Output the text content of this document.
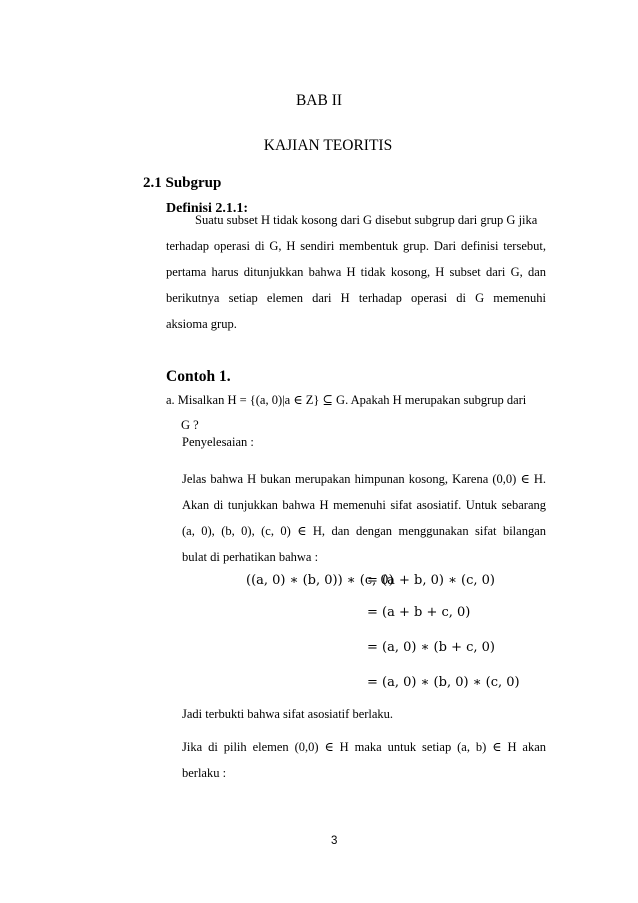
BAB II
KAJIAN TEORITIS
2.1 Subgrup
Definisi 2.1.1:
Suatu subset H tidak kosong dari G disebut subgrup dari grup G jika
terhadap operasi di G, H sendiri membentuk grup. Dari definisi tersebut,
pertama harus ditunjukkan bahwa H tidak kosong, H subset dari G, dan
berikutnya setiap elemen dari H terhadap operasi di G memenuhi
aksioma grup.
Contoh 1.
a. Misalkan H = {(a, 0)|a ∈ Z} ⊆ G. Apakah H merupakan subgrup dari
G ?
Penyelesaian :
Jelas bahwa H bukan merupakan himpunan kosong, Karena (0,0) ∈ H.
Akan di tunjukkan bahwa H memenuhi sifat asosiatif. Untuk sebarang
(a, 0), (b, 0), (c, 0) ∈ H, dan dengan menggunakan sifat bilangan
bulat di perhatikan bahwa :
((a, 0) ∗ (b, 0)) ∗ (c, 0)
= (a + b, 0) ∗ (c, 0)
= (a + b + c, 0)
= (a, 0) ∗ (b + c, 0)
= (a, 0) ∗ (b, 0) ∗ (c, 0)
Jadi terbukti bahwa sifat asosiatif berlaku.
Jika di pilih elemen (0,0) ∈ H maka untuk setiap (a, b) ∈ H akan
berlaku :
3
